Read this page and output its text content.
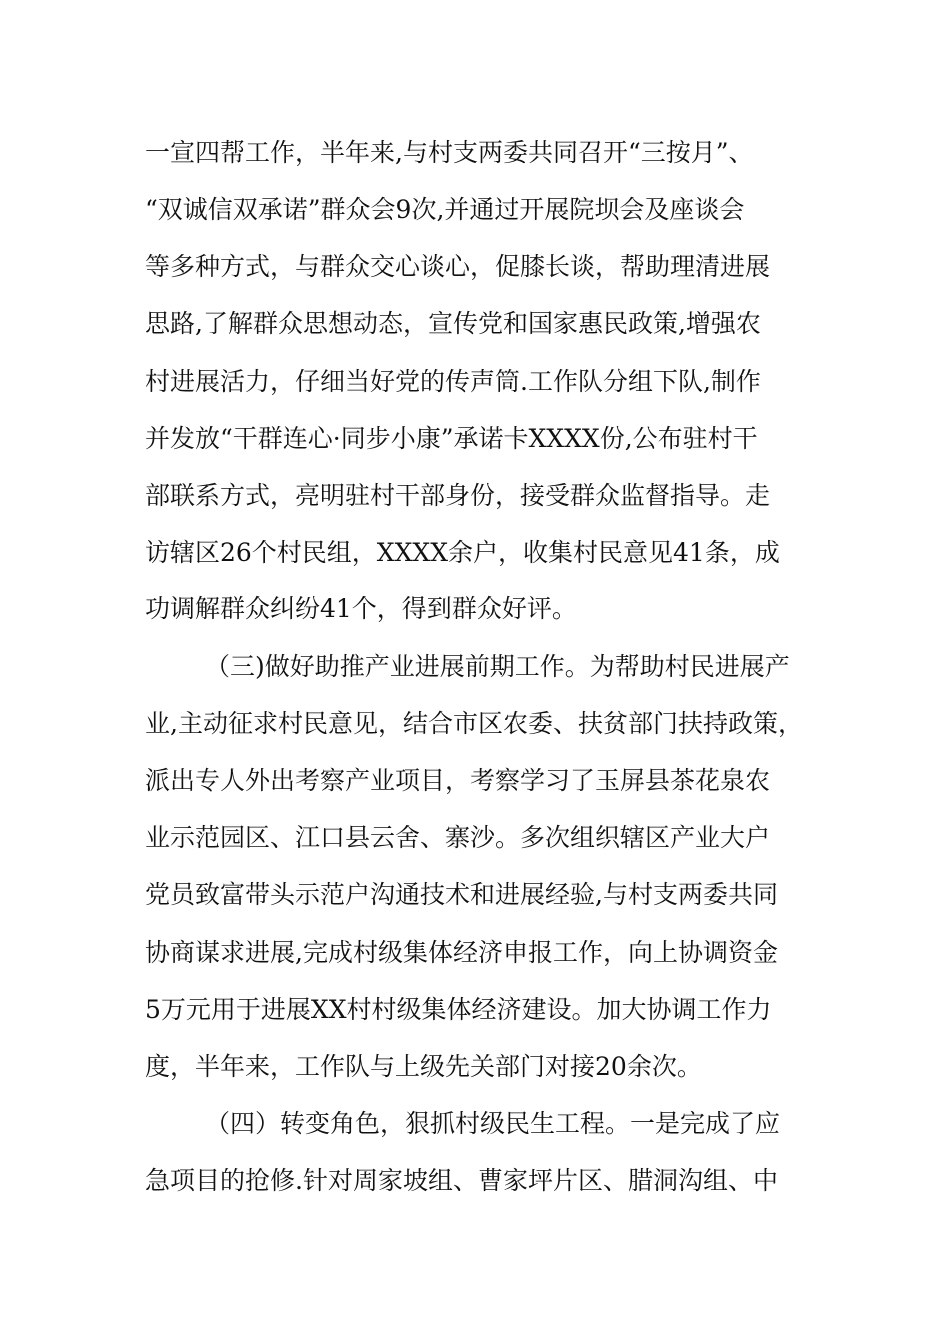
一宣四帮工作，半年来,与村支两委共同召开“三按月”、

“双诚信双承诺”群众会9次,并通过开展院坝会及座谈会

等多种方式，与群众交心谈心，促膝长谈，帮助理清进展

思路,了解群众思想动态，宣传党和国家惠民政策,增强农

村进展活力，仔细当好党的传声筒.工作队分组下队,制作

并发放“干群连心·同步小康”承诺卡XXXX份,公布驻村干

部联系方式，亮明驻村干部身份，接受群众监督指导。走

访辖区26个村民组，XXXX余户，收集村民意见41条，成

功调解群众纠纷41个，得到群众好评。

（三)做好助推产业进展前期工作。为帮助村民进展产

业,主动征求村民意见，结合市区农委、扶贫部门扶持政策，

派出专人外出考察产业项目，考察学习了玉屏县茶花泉农

业示范园区、江口县云舍、寨沙。多次组织辖区产业大户

党员致富带头示范户沟通技术和进展经验,与村支两委共同

协商谋求进展,完成村级集体经济申报工作，向上协调资金

5万元用于进展XX村村级集体经济建设。加大协调工作力

度，半年来，工作队与上级先关部门对接20余次。

（四）转变角色，狠抓村级民生工程。一是完成了应

急项目的抢修.针对周家坡组、曹家坪片区、腊洞沟组、中
